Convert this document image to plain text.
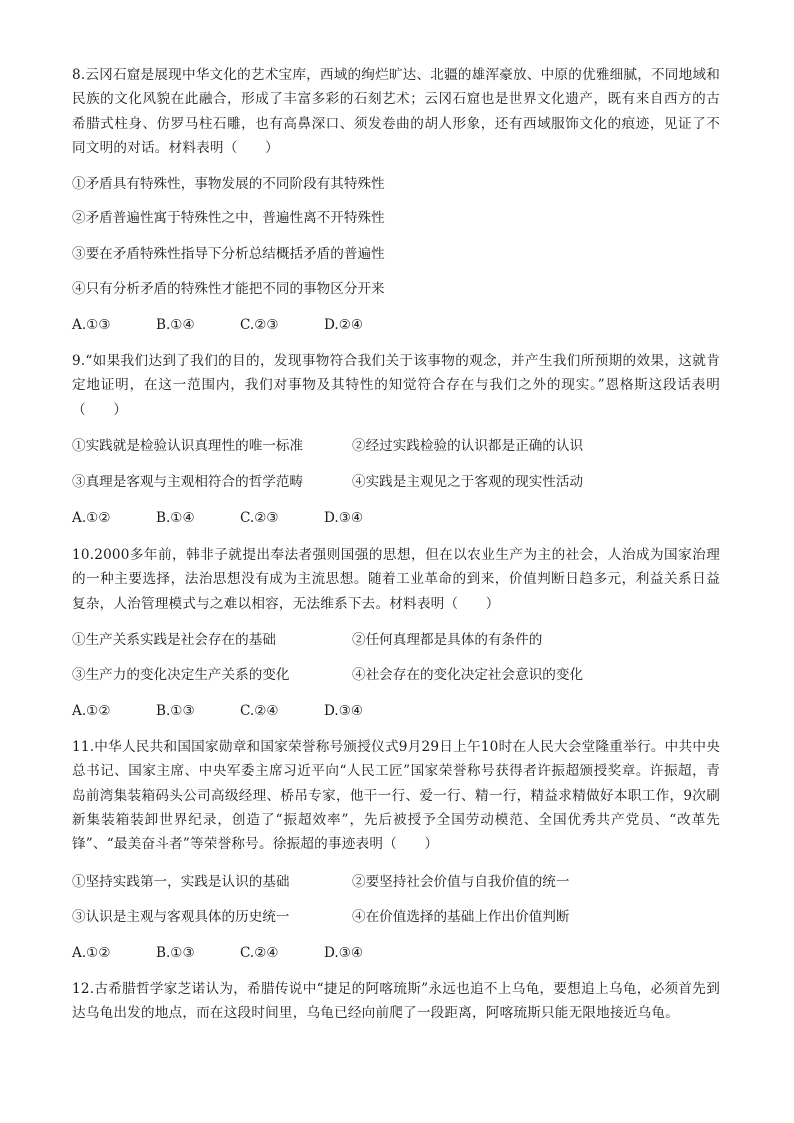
8.云冈石窟是展现中华文化的艺术宝库，西域的绚烂旷达、北疆的雄浑豪放、中原的优雅细腻，不同地域和民族的文化风貌在此融合，形成了丰富多彩的石刻艺术；云冈石窟也是世界文化遗产，既有来自西方的古希腊式柱身、仿罗马柱石雕，也有高鼻深口、须发卷曲的胡人形象，还有西域服饰文化的痕迹，见证了不同文明的对话。材料表明（　　）
①矛盾具有特殊性，事物发展的不同阶段有其特殊性
②矛盾普遍性寓于特殊性之中，普遍性离不开特殊性
③要在矛盾特殊性指导下分析总结概括矛盾的普遍性
④只有分析矛盾的特殊性才能把不同的事物区分开来
A.①③	B.①④	C.②③	D.②④
9.“如果我们达到了我们的目的，发现事物符合我们关于该事物的观念，并产生我们所预期的效果，这就肯定地证明，在这一范围内，我们对事物及其特性的知觉符合存在与我们之外的现实。”恩格斯这段话表明（　　）
①实践就是检验认识真理性的唯一标准	②经过实践检验的认识都是正确的认识
③真理是客观与主观相符合的哲学范畴	④实践是主观见之于客观的现实性活动
A.①②	B.①④	C.②③	D.③④
10.2000多年前，韩非子就提出奉法者强则国强的思想，但在以农业生产为主的社会，人治成为国家治理的一种主要选择，法治思想没有成为主流思想。随着工业革命的到来，价值判断日趋多元，利益关系日益复杂，人治管理模式与之难以相容，无法维系下去。材料表明（　　）
①生产关系实践是社会存在的基础	②任何真理都是具体的有条件的
③生产力的变化决定生产关系的变化	④社会存在的变化决定社会意识的变化
A.①②	B.①③	C.②④	D.③④
11.中华人民共和国国家勋章和国家荣誉称号颁授仪式9月29日上午10时在人民大会堂隆重举行。中共中央总书记、国家主席、中央军委主席习近平向“人民工匠”国家荣誉称号获得者许振超颁授奖章。许振超，青岛前湾集装箱码头公司高级经理、桥吊专家，他干一行、爱一行、精一行，精益求精做好本职工作，9次刷新集装箱装卸世界纪录，创造了“振超效率”，先后被授予全国劳动模范、全国优秀共产党员、“改革先锋”、“最美奋斗者”等荣誉称号。徐振超的事迹表明（　　）
①坚持实践第一，实践是认识的基础	②要坚持社会价值与自我价值的统一
③认识是主观与客观具体的历史统一	④在价值选择的基础上作出价值判断
A.①②	B.①③	C.②④	D.③④
12.古希腊哲学家芝诺认为，希腊传说中“捷足的阿喀琉斯”永远也追不上乌龟，要想追上乌龟，必须首先到达乌龟出发的地点，而在这段时间里，乌龟已经向前爬了一段距离，阿喀琉斯只能无限地接近乌龟。
